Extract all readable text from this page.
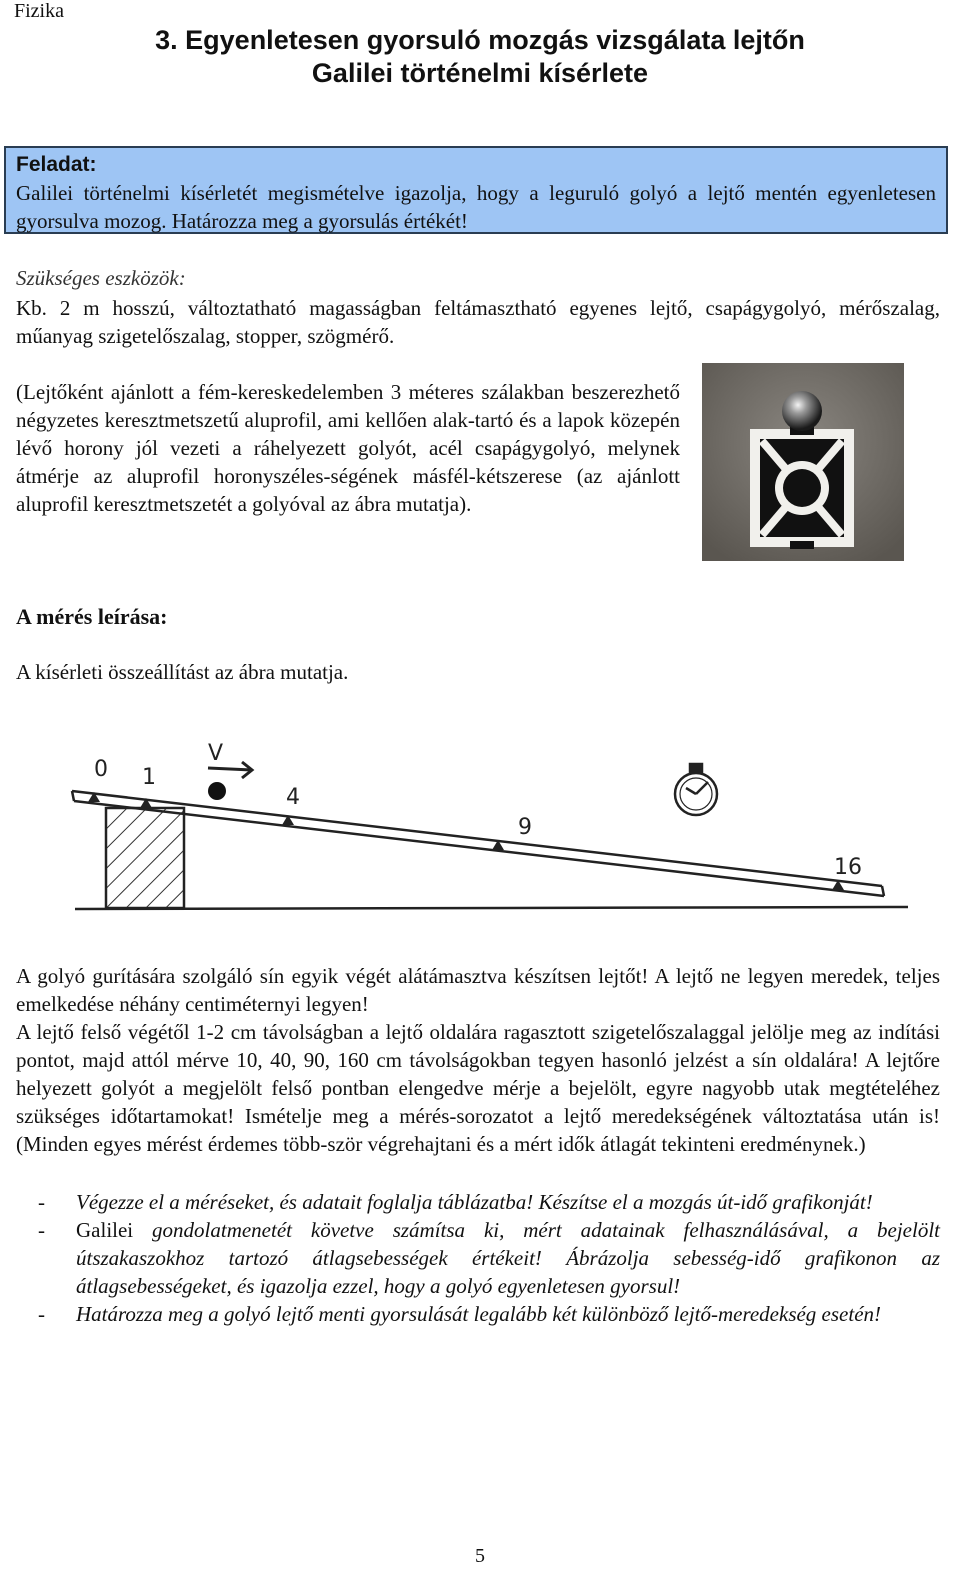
Fizika
3. Egyenletesen gyorsuló mozgás vizsgálata lejtőn
Galilei történelmi kísérlete
Feladat:
Galilei történelmi kísérletét megismételve igazolja, hogy a leguruló golyó a lejtő mentén egyenletesen gyorsulva mozog. Határozza meg a gyorsulás értékét!
Szükséges eszközök:
Kb. 2 m hosszú, változtatható magasságban feltámasztható egyenes lejtő, csapágygolyó, mérőszalag, műanyag szigetelőszalag, stopper, szögmérő.
(Lejtőként ajánlott a fém-kereskedelemben 3 méteres szálakban beszerezhető négyzetes keresztmetszetű aluprofil, ami kellően alak-tartó és a lapok közepén lévő horony jól vezeti a ráhelyezett golyót, acél csapágygolyó, melynek átmérje az aluprofil horonyszéles-ségének másfél-kétszerese (az ajánlott aluprofil keresztmetszetét a golyóval az ábra mutatja).
A mérés leírása:
A kísérleti összeállítást az ábra mutatja.
0 1
4
9
16
V
A golyó gurítására szolgáló sín egyik végét alátámasztva készítsen lejtőt! A lejtő ne legyen meredek, teljes emelkedése néhány centiméternyi legyen!
A lejtő felső végétől 1-2 cm távolságban a lejtő oldalára ragasztott szigetelőszalaggal jelölje meg az indítási pontot, majd attól mérve 10, 40, 90, 160 cm távolságokban tegyen hasonló jelzést a sín oldalára! A lejtőre helyezett golyót a megjelölt felső pontban elengedve mérje a bejelölt, egyre nagyobb utak megtételéhez szükséges időtartamokat! Ismételje meg a mérés-sorozatot a lejtő meredekségének változtatása után is! (Minden egyes mérést érdemes több-ször végrehajtani és a mért idők átlagát tekinteni eredménynek.)
- Végezze el a méréseket, és adatait foglalja táblázatba! Készítse el a mozgás út-idő grafikonját!
- Galilei gondolatmenetét követve számítsa ki, mért adatainak felhasználásával, a bejelölt útszakaszokhoz tartozó átlagsebességek értékeit! Ábrázolja sebesség-idő grafikonon az átlagsebességeket, és igazolja ezzel, hogy a golyó egyenletesen gyorsul!
- Határozza meg a golyó lejtő menti gyorsulását legalább két különböző lejtő-meredekség esetén!
5
